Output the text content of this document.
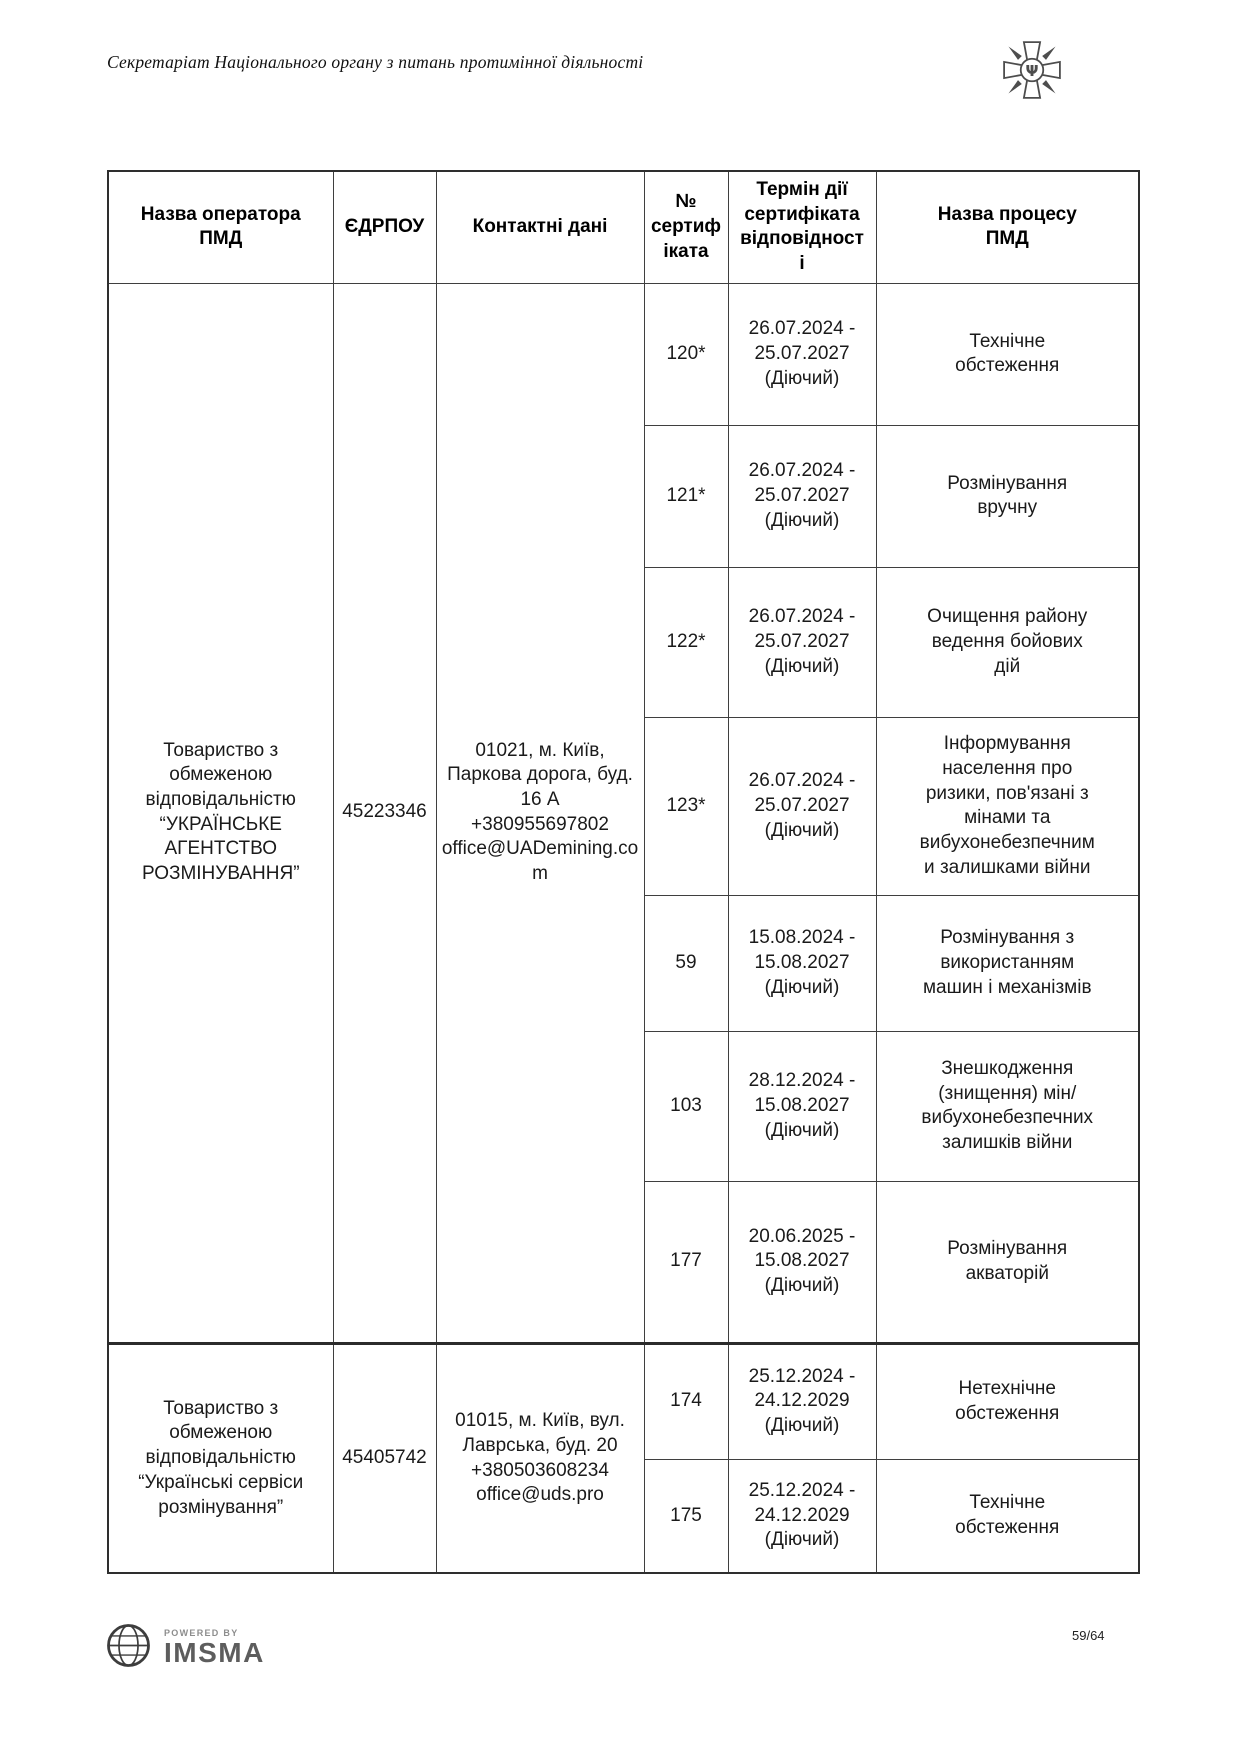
Секретаріат Національного органу з питань протимінної діяльності	Ψ
Назва оператора ПМД	ЄДРПОУ	Контактні дані	№ сертифіката	Термін дії сертифіката відповідності	Назва процесу ПМД
Товариство з обмеженою відповідальністю “УКРАЇНСЬКЕ АГЕНТСТВО РОЗМІНУВАННЯ”	45223346	01021, м. Київ, Паркова дорога, буд. 16 А
+380955697802
office@UADemining.com	120*	26.07.2024 - 25.07.2027 (Діючий)	Технічне обстеження
			121*	26.07.2024 - 25.07.2027 (Діючий)	Розмінування вручну
			122*	26.07.2024 - 25.07.2027 (Діючий)	Очищення району ведення бойових дій
			123*	26.07.2024 - 25.07.2027 (Діючий)	Інформування населення про ризики, пов'язані з мінами та вибухонебезпечними залишками війни
			59	15.08.2024 - 15.08.2027 (Діючий)	Розмінування з використанням машин і механізмів
			103	28.12.2024 - 15.08.2027 (Діючий)	Знешкодження (знищення) мін/вибухонебезпечних залишків війни
			177	20.06.2025 - 15.08.2027 (Діючий)	Розмінування акваторій
Товариство з обмеженою відповідальністю “Українські сервіси розмінування”	45405742	01015, м. Київ, вул. Лаврська, буд. 20
+380503608234
office@uds.pro	174	25.12.2024 - 24.12.2029 (Діючий)	Нетехнічне обстеження
			175	25.12.2024 - 24.12.2029 (Діючий)	Технічне обстеження
POWERED BY
IMSMA
59/64
